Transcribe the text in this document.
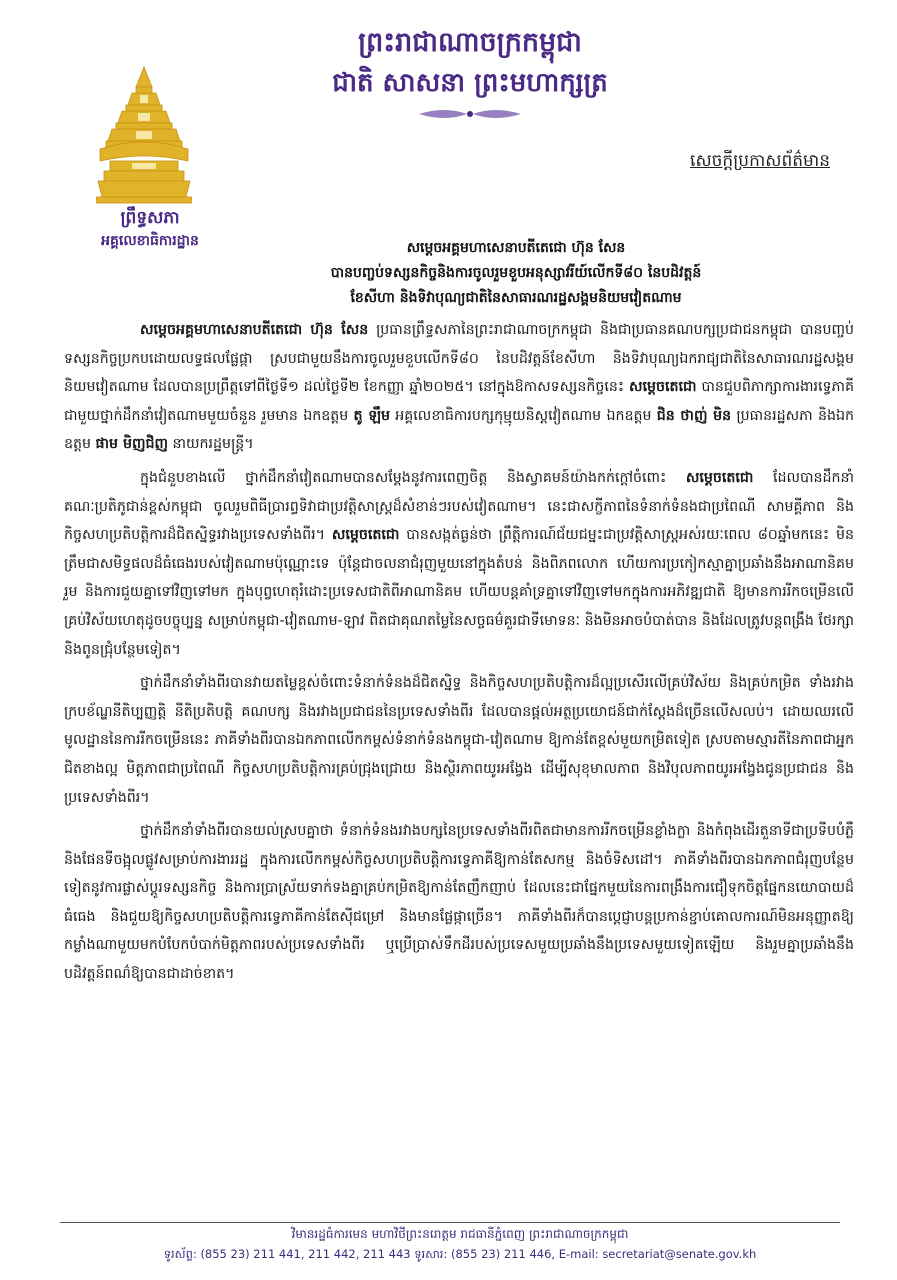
ព្រះរាជាណាចក្រកម្ពុជា
ជាតិ សាសនា ព្រះមហាក្សត្រ
ព្រឹទ្ធសភា
អគ្គលេខាធិការដ្ឋាន
សេចក្ដីប្រកាសព័ត៌មាន
សម្ដេចអគ្គមហាសេនាបតីតេជោ ហ៊ុន សែន
បានបញ្ចប់ទស្សនកិច្ចនិងការចូលរួមខួបអនុស្សាវរីយ៍លើកទី៨០ នៃបដិវត្តន៍
ខែសីហា និងទិវាបុណ្យជាតិនៃសាធារណរដ្ឋសង្គមនិយមវៀតណាម

សម្ដេចអគ្គមហាសេនាបតីតេជោ ហ៊ុន សែន ប្រធានព្រឹទ្ធសភានៃព្រះរាជាណាចក្រកម្ពុជា និងជាប្រធានគណបក្សប្រជាជនកម្ពុជា បានបញ្ចប់ទស្សនកិច្ចប្រកបដោយលទ្ធផលផ្លែផ្កា ស្របជាមួយនឹងការចូលរួមខួបលើកទី៨០ នៃបដិវត្តន៍ខែសីហា និងទិវាបុណ្យឯករាជ្យជាតិនៃសាធារណរដ្ឋសង្គមនិយមវៀតណាម ដែលបានប្រព្រឹត្តទៅពីថ្ងៃទី១ ដល់ថ្ងៃទី២ ខែកញ្ញា ឆ្នាំ២០២៥។ នៅក្នុងឱកាសទស្សនកិច្ចនេះ សម្ដេចតេជោ បានជួបពិភាក្សាការងារទ្វេភាគីជាមួយថ្នាក់ដឹកនាំវៀតណាមមួយចំនួន រួមមាន ឯកឧត្តម តូ ឡឹម អគ្គលេខាធិការបក្សកុម្មុយនិស្តវៀតណាម ឯកឧត្តម ជិន ថាញ់ មិន ប្រធានរដ្ឋសភា និងឯកឧត្តម ផាម មិញជិញ នាយករដ្ឋមន្ត្រី។

ក្នុងជំនួបខាងលើ ថ្នាក់ដឹកនាំវៀតណាមបានសម្ដែងនូវការពេញចិត្ត និងស្វាគមន៍យ៉ាងកក់ក្ដៅចំពោះ សម្ដេចតេជោ ដែលបានដឹកនាំគណៈប្រតិភូជាន់ខ្ពស់កម្ពុជា ចូលរួមពិធីប្រារព្ធទិវាជាប្រវត្តិសាស្ត្រដ៏សំខាន់ៗរបស់វៀតណាម។ នេះជាសក្ខីភាពនៃទំនាក់ទំនងជាប្រពៃណី សាមគ្គីភាព និងកិច្ចសហប្រតិបត្តិការដ៏ជិតស្និទ្ធរវាងប្រទេសទាំងពីរ។ សម្ដេចតេជោ បានសង្កត់ធ្ងន់ថា ព្រឹត្តិការណ៍ជ័យជម្នះជាប្រវត្តិសាស្ត្រអស់រយៈពេល ៨០ឆ្នាំមកនេះ មិនត្រឹមជាសមិទ្ធផលដ៏ធំធេងរបស់វៀតណាមប៉ុណ្ណោះទេ ប៉ុន្តែជាចលនាជំរុញមួយនៅក្នុងតំបន់ និងពិភពលោក ហើយការប្រកៀកស្មាគ្នាប្រឆាំងនឹងអាណានិគមរួម និងការជួយគ្នាទៅវិញទៅមក ក្នុងបុព្វហេតុរំដោះប្រទេសជាតិពីអាណានិគម ហើយបន្តគាំទ្រគ្នាទៅវិញទៅមកក្នុងការអភិវឌ្ឍជាតិ ឱ្យមានការរីកចម្រើនលើគ្រប់វិស័យហេតុដូចបច្ចុប្បន្ន សម្រាប់កម្ពុជា-វៀតណាម-ឡាវ ពិតជាគុណតម្លៃនៃសច្ចធម៌គួរជាទីមោទនៈ និងមិនអាចបំបាត់បាន និងដែលត្រូវបន្តពង្រឹង ថែរក្សា និងពូនជ្រុំបន្ថែមទៀត។

ថ្នាក់ដឹកនាំទាំងពីរបានវាយតម្លៃខ្ពស់ចំពោះទំនាក់ទំនងដ៏ជិតស្និទ្ធ និងកិច្ចសហប្រតិបត្តិការដ៏ល្អប្រសើរលើគ្រប់វិស័យ និងគ្រប់កម្រិត ទាំងរវាងក្របខ័ណ្ឌនីតិប្បញ្ញត្តិ នីតិប្រតិបត្តិ គណបក្ស និងរវាងប្រជាជននៃប្រទេសទាំងពីរ ដែលបានផ្ដល់អត្ថប្រយោជន៍ជាក់ស្ដែងដ៏ច្រើនលើសលប់។ ដោយឈរលើមូលដ្ឋាននៃការរីកចម្រើននេះ ភាគីទាំងពីរបានឯកភាពលើកកម្ពស់ទំនាក់ទំនងកម្ពុជា-វៀតណាម ឱ្យកាន់តែខ្ពស់មួយកម្រិតទៀត ស្របតាមស្មារតីនៃភាពជាអ្នកជិតខាងល្អ មិត្តភាពជាប្រពៃណី កិច្ចសហប្រតិបត្តិការគ្រប់ជ្រុងជ្រោយ និងស្ថិរភាពយូរអង្វែង ដើម្បីសុខុមាលភាព និងវិបុលភាពយូរអង្វែងជូនប្រជាជន និងប្រទេសទាំងពីរ។

ថ្នាក់ដឹកនាំទាំងពីរបានយល់ស្របគ្នាថា ទំនាក់ទំនងរវាងបក្សនៃប្រទេសទាំងពីរពិតជាមានការរីកចម្រើនខ្លាំងក្លា និងកំពុងដើរតួនាទីជាប្រទីបបំភ្លឺ និងផែនទីចង្អុលផ្លូវសម្រាប់ការងាររដ្ឋ ក្នុងការលើកកម្ពស់កិច្ចសហប្រតិបត្តិការទ្វេភាគីឱ្យកាន់តែសកម្ម និងចំទិសដៅ។ ភាគីទាំងពីរបានឯកភាពជំរុញបន្ថែមទៀតនូវការផ្លាស់ប្ដូរទស្សនកិច្ច និងការប្រាស្រ័យទាក់ទងគ្នាគ្រប់កម្រិតឱ្យកាន់តែញឹកញាប់ ដែលនេះជាផ្នែកមួយនៃការពង្រឹងការជឿទុកចិត្តផ្នែកនយោបាយដ៏ធំធេង និងជួយឱ្យកិច្ចសហប្រតិបត្តិការទ្វេភាគីកាន់តែស៊ីជម្រៅ និងមានផ្លែផ្កាច្រើន។ ភាគីទាំងពីរក៏បានប្ដេជ្ញាបន្តប្រកាន់ខ្ជាប់គោលការណ៍មិនអនុញ្ញាតឱ្យកម្លាំងណាមួយមកបំបែកបំបាក់មិត្តភាពរបស់ប្រទេសទាំងពីរ ឬប្រើប្រាស់ទឹកដីរបស់ប្រទេសមួយប្រឆាំងនឹងប្រទេសមួយទៀតឡើយ និងរួមគ្នាប្រឆាំងនឹងបដិវត្តន៍ពណ៌ឱ្យបានជាដាច់ខាត។

វិមានរដ្ឋធំការមេន មហាវិថីព្រះនរោត្តម រាជធានីភ្នំពេញ ព្រះរាជាណាចក្រកម្ពុជា
ទូរស័ព្ទ: (855 23) 211 441, 211 442, 211 443 ទូរសារ: (855 23) 211 446, E-mail: secretariat@senate.gov.kh
